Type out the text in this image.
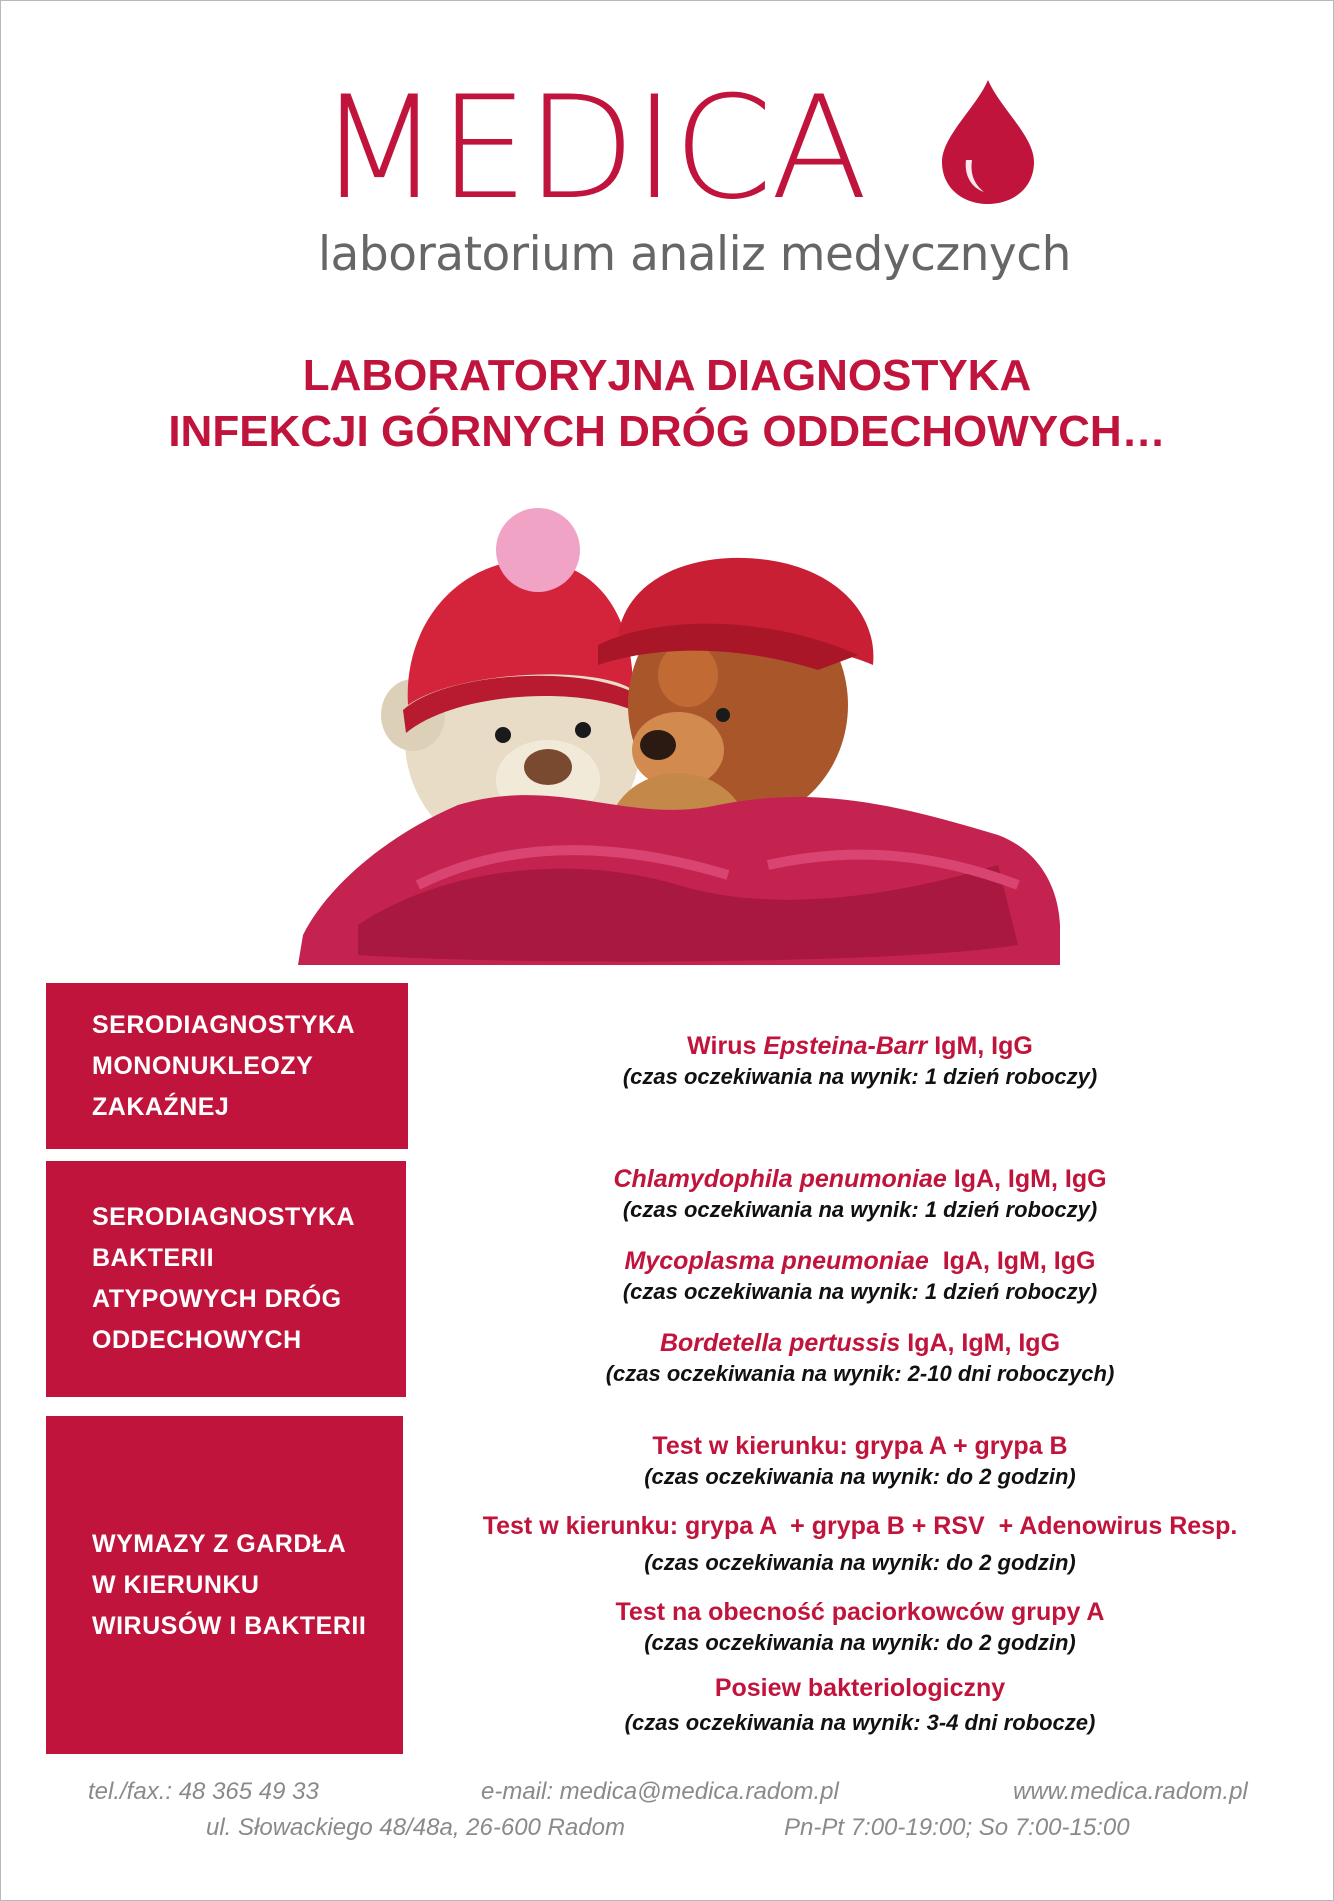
MEDICA
laboratorium analiz medycznych
LABORATORYJNA DIAGNOSTYKA
INFEKCJI GÓRNYCH DRÓG ODDECHOWYCH…
SERODIAGNOSTYKA
MONONUKLEOZY
ZAKAŹNEJ
Wirus Epsteina-Barr IgM, IgG
(czas oczekiwania na wynik: 1 dzień roboczy)
SERODIAGNOSTYKA
BAKTERII
ATYPOWYCH DRÓG
ODDECHOWYCH
Chlamydophila penumoniae IgA, IgM, IgG
(czas oczekiwania na wynik: 1 dzień roboczy)
Mycoplasma pneumoniae  IgA, IgM, IgG
(czas oczekiwania na wynik: 1 dzień roboczy)
Bordetella pertussis IgA, IgM, IgG
(czas oczekiwania na wynik: 2-10 dni roboczych)
WYMAZY Z GARDŁA
W KIERUNKU
WIRUSÓW I BAKTERII
Test w kierunku: grypa A + grypa B
(czas oczekiwania na wynik: do 2 godzin)
Test w kierunku: grypa A  + grypa B + RSV  + Adenowirus Resp.
(czas oczekiwania na wynik: do 2 godzin)
Test na obecność paciorkowców grupy A
(czas oczekiwania na wynik: do 2 godzin)
Posiew bakteriologiczny
(czas oczekiwania na wynik: 3-4 dni robocze)
tel./fax.: 48 365 49 33	e-mail: medica@medica.radom.pl	www.medica.radom.pl
ul. Słowackiego 48/48a, 26-600 Radom	Pn-Pt 7:00-19:00; So 7:00-15:00
